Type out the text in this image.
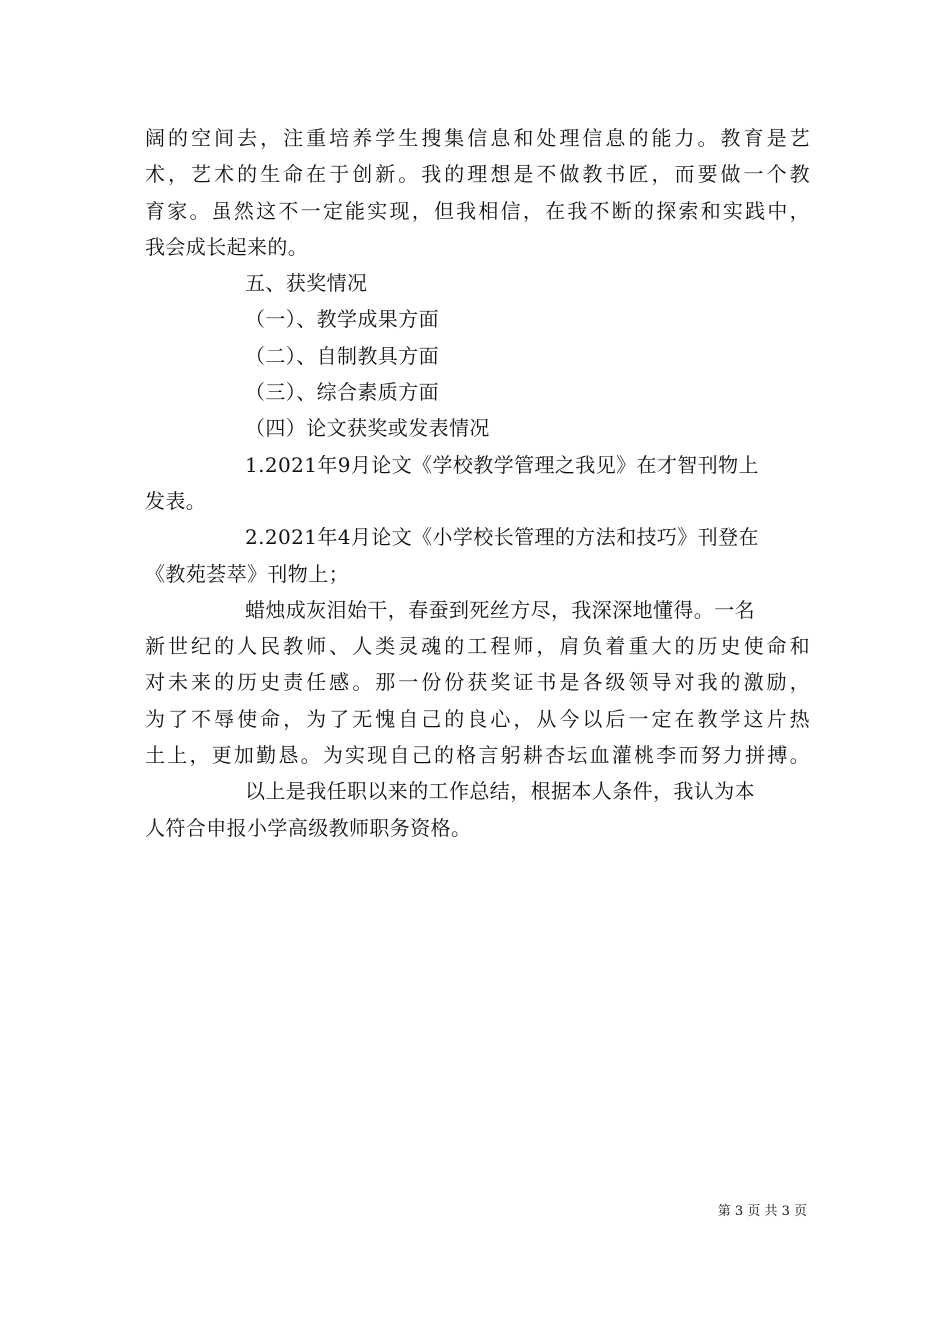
阔的空间去，注重培养学生搜集信息和处理信息的能力。教育是艺
术，艺术的生命在于创新。我的理想是不做教书匠，而要做一个教
育家。虽然这不一定能实现，但我相信，在我不断的探索和实践中，
我会成长起来的。
五、获奖情况
（一）、教学成果方面
（二）、自制教具方面
（三）、综合素质方面
（四）论文获奖或发表情况
1.2021年9月论文《学校教学管理之我见》在才智刊物上
发表。
2.2021年4月论文《小学校长管理的方法和技巧》刊登在
《教苑荟萃》刊物上；
蜡烛成灰泪始干，春蚕到死丝方尽，我深深地懂得。一名
新世纪的人民教师、人类灵魂的工程师，肩负着重大的历史使命和
对未来的历史责任感。那一份份获奖证书是各级领导对我的激励，
为了不辱使命，为了无愧自己的良心，从今以后一定在教学这片热
土上，更加勤恳。为实现自己的格言躬耕杏坛血灌桃李而努力拼搏。
以上是我任职以来的工作总结，根据本人条件，我认为本
人符合申报小学高级教师职务资格。
第 3 页 共 3 页
